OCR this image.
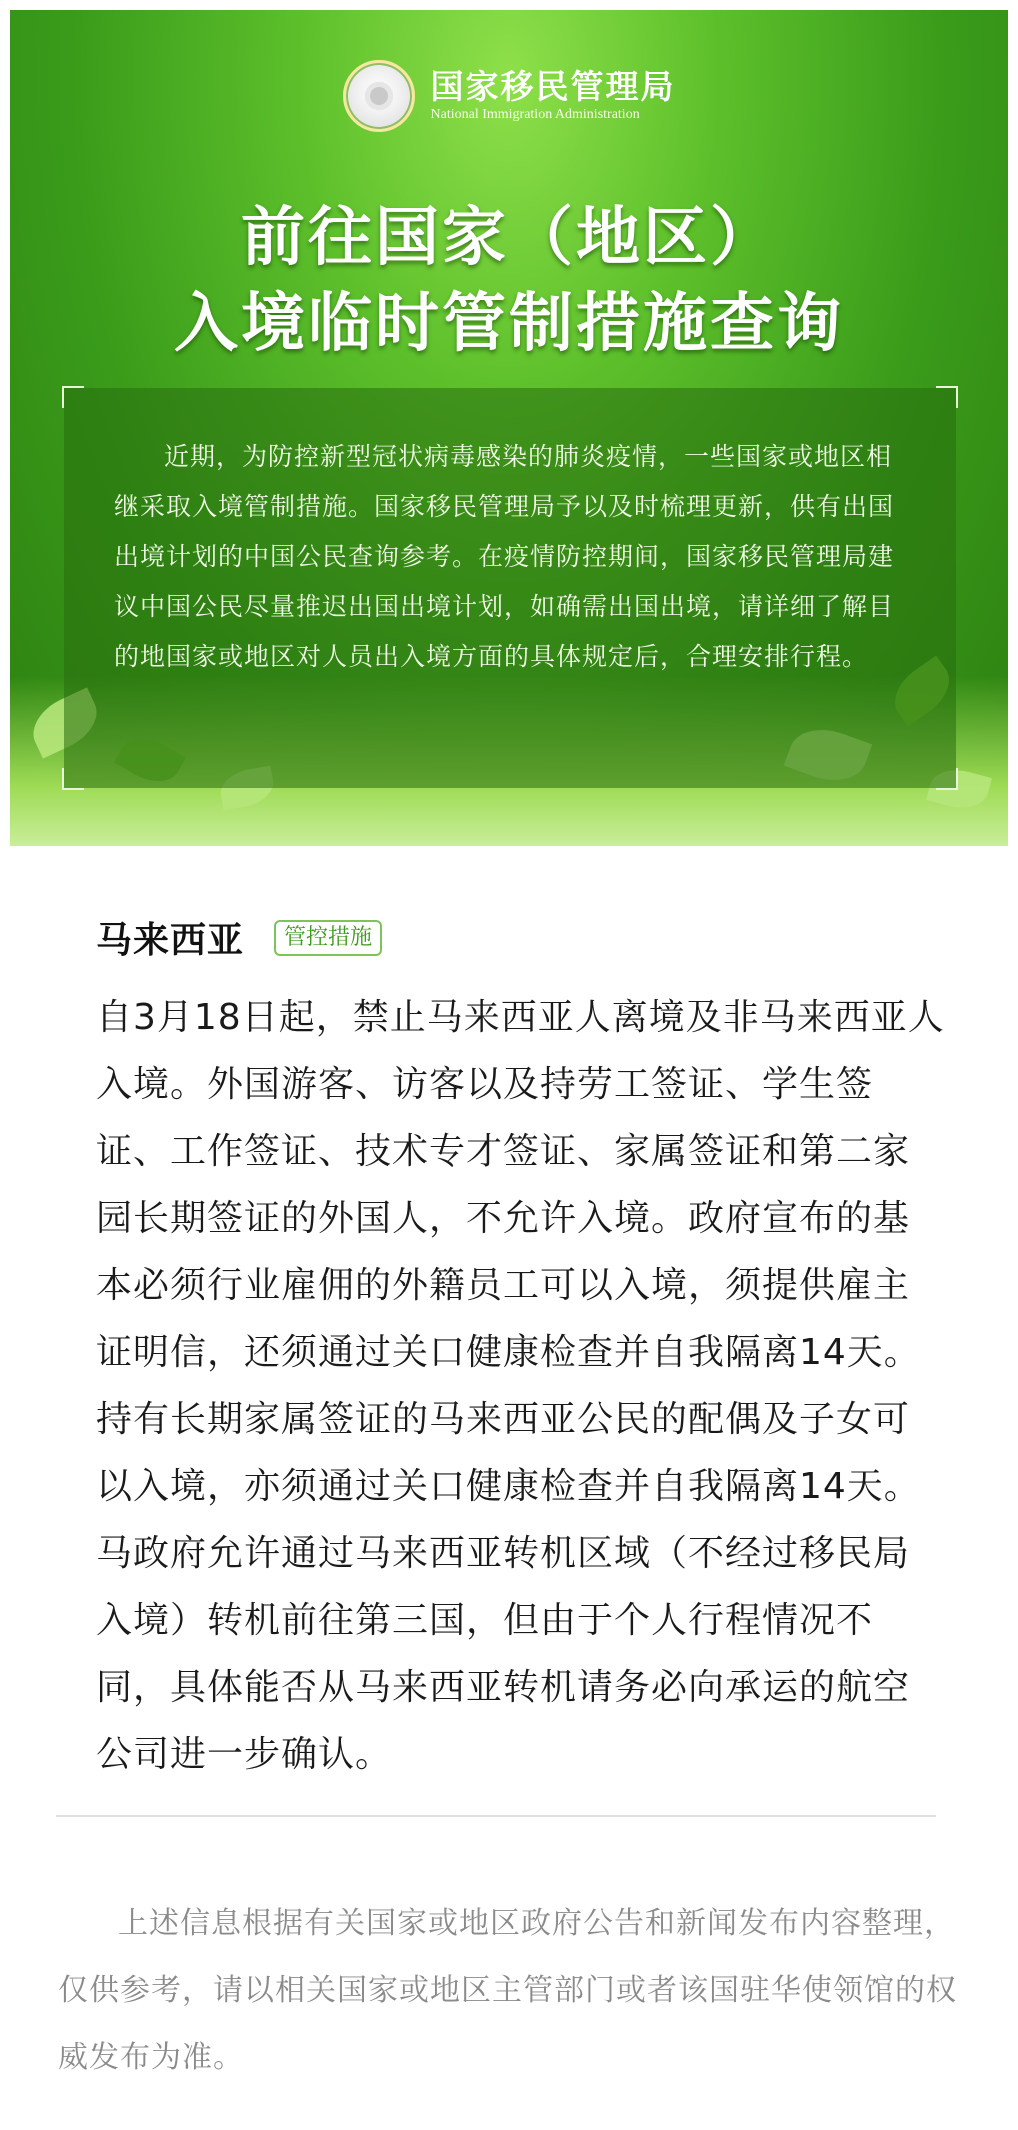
国家移民管理局
National Immigration Administration
前往国家（地区）
入境临时管制措施查询
近期，为防控新型冠状病毒感染的肺炎疫情，一些国家或地区相继采取入境管制措施。国家移民管理局予以及时梳理更新，供有出国出境计划的中国公民查询参考。在疫情防控期间，国家移民管理局建议中国公民尽量推迟出国出境计划，如确需出国出境，请详细了解目的地国家或地区对人员出入境方面的具体规定后，合理安排行程。
马来西亚	管控措施
自3月18日起，禁止马来西亚人离境及非马来西亚人入境。外国游客、访客以及持劳工签证、学生签证、工作签证、技术专才签证、家属签证和第二家园长期签证的外国人，不允许入境。政府宣布的基本必须行业雇佣的外籍员工可以入境，须提供雇主证明信，还须通过关口健康检查并自我隔离14天。持有长期家属签证的马来西亚公民的配偶及子女可以入境，亦须通过关口健康检查并自我隔离14天。马政府允许通过马来西亚转机区域（不经过移民局入境）转机前往第三国，但由于个人行程情况不同，具体能否从马来西亚转机请务必向承运的航空公司进一步确认。
上述信息根据有关国家或地区政府公告和新闻发布内容整理，仅供参考，请以相关国家或地区主管部门或者该国驻华使领馆的权威发布为准。
